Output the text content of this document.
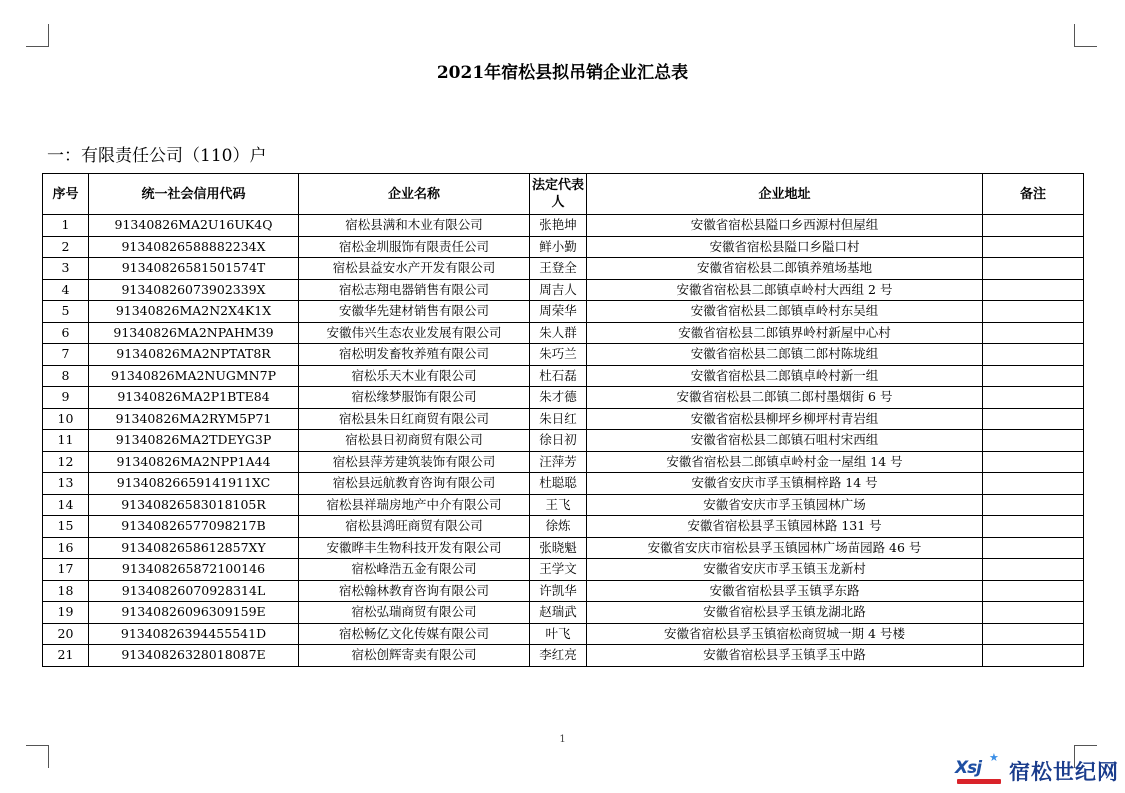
2021年宿松县拟吊销企业汇总表
一：有限责任公司（110）户
序号	统一社会信用代码	企业名称	法定代表人	企业地址	备注
1	91340826MA2U16UK4Q	宿松县满和木业有限公司	张艳坤	安徽省宿松县隘口乡西源村但屋组	
2	91340826588882234X	宿松金圳服饰有限责任公司	鲜小勤	安徽省宿松县隘口乡隘口村	
3	913408265815015​74T	宿松县益安水产开发有限公司	王登全	安徽省宿松县二郎镇养殖场基地	
4	913408260739023​39X	宿松志翔电器销售有限公司	周吉人	安徽省宿松县二郎镇卓岭村大西组 2 号	
5	91340826MA2N2X4K1X	安徽华先建材销售有限公司	周荣华	安徽省宿松县二郎镇卓岭村东吴组	
6	91340826MA2NPAHM39	安徽伟兴生态农业发展有限公司	朱人群	安徽省宿松县二郎镇界岭村新屋中心村	
7	91340826MA2NPTAT8R	宿松明发畜牧养殖有限公司	朱巧兰	安徽省宿松县二郎镇二郎村陈垅组	
8	91340826MA2NUGMN7P	宿松乐天木业有限公司	杜石磊	安徽省宿松县二郎镇卓岭村新一组	
9	91340826MA2P1BTE84	宿松缘梦服饰有限公司	朱才德	安徽省宿松县二郎镇二郎村墨烟街 6 号	
10	91340826MA2RYM5P71	宿松县朱日红商贸有限公司	朱日红	安徽省宿松县柳坪乡柳坪村青岩组	
11	91340826MA2TDEYG3P	宿松县日初商贸有限公司	徐日初	安徽省宿松县二郎镇石咀村宋西组	
12	91340826MA2NPP1A44	宿松县萍芳建筑装饰有限公司	汪萍芳	安徽省宿松县二郎镇卓岭村金一屋组 14 号	
13	91340826659141911XC	宿松县远航教育咨询有限公司	杜聪聪	安徽省安庆市孚玉镇桐梓路 14 号	
14	91340826583018105R	宿松县祥瑞房地产中介有限公司	王飞	安徽省安庆市孚玉镇园林广场	
15	91340826577098217B	宿松县鸿旺商贸有限公司	徐炼	安徽省宿松县孚玉镇园林路 131 号	
16	91340826586128​57XY	安徽晔丰生物科技开发有限公司	张晓魁	安徽省安庆市宿松县孚玉镇园林广场苗园路 46 号	
17	91340826587210​0146	宿松峰浩五金有限公司	王学文	安徽省安庆市孚玉镇玉龙新村	
18	91340826070928314L	宿松翰林教育咨询有限公司	许凯华	安徽省宿松县孚玉镇孚东路	
19	91340826096309159E	宿松弘瑞商贸有限公司	赵瑞武	安徽省宿松县孚玉镇龙湖北路	
20	91340826394455541D	宿松畅亿文化传媒有限公司	叶飞	安徽省宿松县孚玉镇宿松商贸城一期 4 号楼	
21	91340826328018087E	宿松创辉寄卖有限公司	李红亮	安徽省宿松县孚玉镇孚玉中路	
1
Xsj
★
宿松世纪网
